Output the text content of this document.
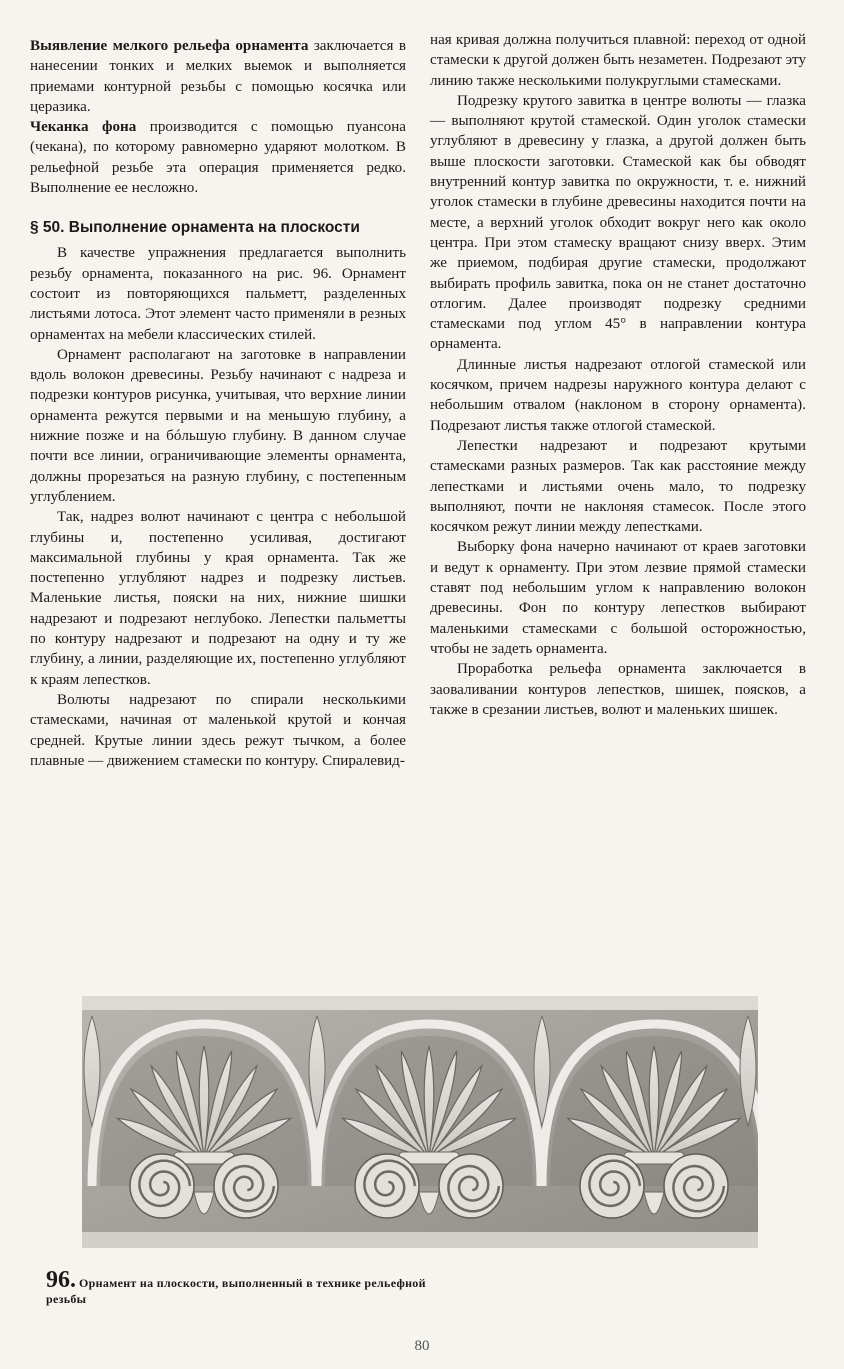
Выявление мелкого рельефа орнамента заключается в нанесении тонких и мелких выемок и выполняется приемами контурной резьбы с помощью косячка или церазика.

Чеканка фона производится с помощью пуансона (чекана), по которому равномерно ударяют молотком. В рельефной резьбе эта операция применяется редко. Выполнение ее несложно.

§ 50. Выполнение орнамента на плоскости

В качестве упражнения предлагается выполнить резьбу орнамента, показанного на рис. 96. Орнамент состоит из повторяющихся пальметт, разделенных листьями лотоса. Этот элемент часто применяли в резных орнаментах на мебели классических стилей.

Орнамент располагают на заготовке в направлении вдоль волокон древесины. Резьбу начинают с надреза и подрезки контуров рисунка, учитывая, что верхние линии орнамента режутся первыми и на меньшую глубину, а нижние позже и на бóльшую глубину. В данном случае почти все линии, ограничивающие элементы орнамента, должны прорезаться на разную глубину, с постепенным углублением.

Так, надрез волют начинают с центра с небольшой глубины и, постепенно усиливая, достигают максимальной глубины у края орнамента. Так же постепенно углубляют надрез и подрезку листьев. Маленькие листья, пояски на них, нижние шишки надрезают и подрезают неглубоко. Лепестки пальметты по контуру надрезают и подрезают на одну и ту же глубину, а линии, разделяющие их, постепенно углубляют к краям лепестков.

Волюты надрезают по спирали несколькими стамесками, начиная от маленькой крутой и кончая средней. Крутые линии здесь режут тычком, а более плавные — движением стамески по контуру. Спиралевид-

ная кривая должна получиться плавной: переход от одной стамески к другой должен быть незаметен. Подрезают эту линию также несколькими полукруглыми стамесками.

Подрезку крутого завитка в центре волюты — глазка — выполняют крутой стамеской. Один уголок стамески углубляют в древесину у глазка, а другой должен быть выше плоскости заготовки. Стамеской как бы обводят внутренний контур завитка по окружности, т. е. нижний уголок стамески в глубине древесины находится почти на месте, а верхний уголок обходит вокруг него как около центра. При этом стамеску вращают снизу вверх. Этим же приемом, подбирая другие стамески, продолжают выбирать профиль завитка, пока он не станет достаточно отлогим. Далее производят подрезку средними стамесками под углом 45° в направлении контура орнамента.

Длинные листья надрезают отлогой стамеской или косячком, причем надрезы наружного контура делают с небольшим отвалом (наклоном в сторону орнамента). Подрезают листья также отлогой стамеской.

Лепестки надрезают и подрезают крутыми стамесками разных размеров. Так как расстояние между лепестками и листьями очень мало, то подрезку выполняют, почти не наклоняя стамесок. После этого косячком режут линии между лепестками.

Выборку фона начерно начинают от краев заготовки и ведут к орнаменту. При этом лезвие прямой стамески ставят под небольшим углом к направлению волокон древесины. Фон по контуру лепестков выбирают маленькими стамесками с большой осторожностью, чтобы не задеть орнамента.

Проработка рельефа орнамента заключается в заоваливании контуров лепестков, шишек, поясков, а также в срезании листьев, волют и маленьких шишек.

96. Орнамент на плоскости, выполненный в технике рельефной резьбы
80
